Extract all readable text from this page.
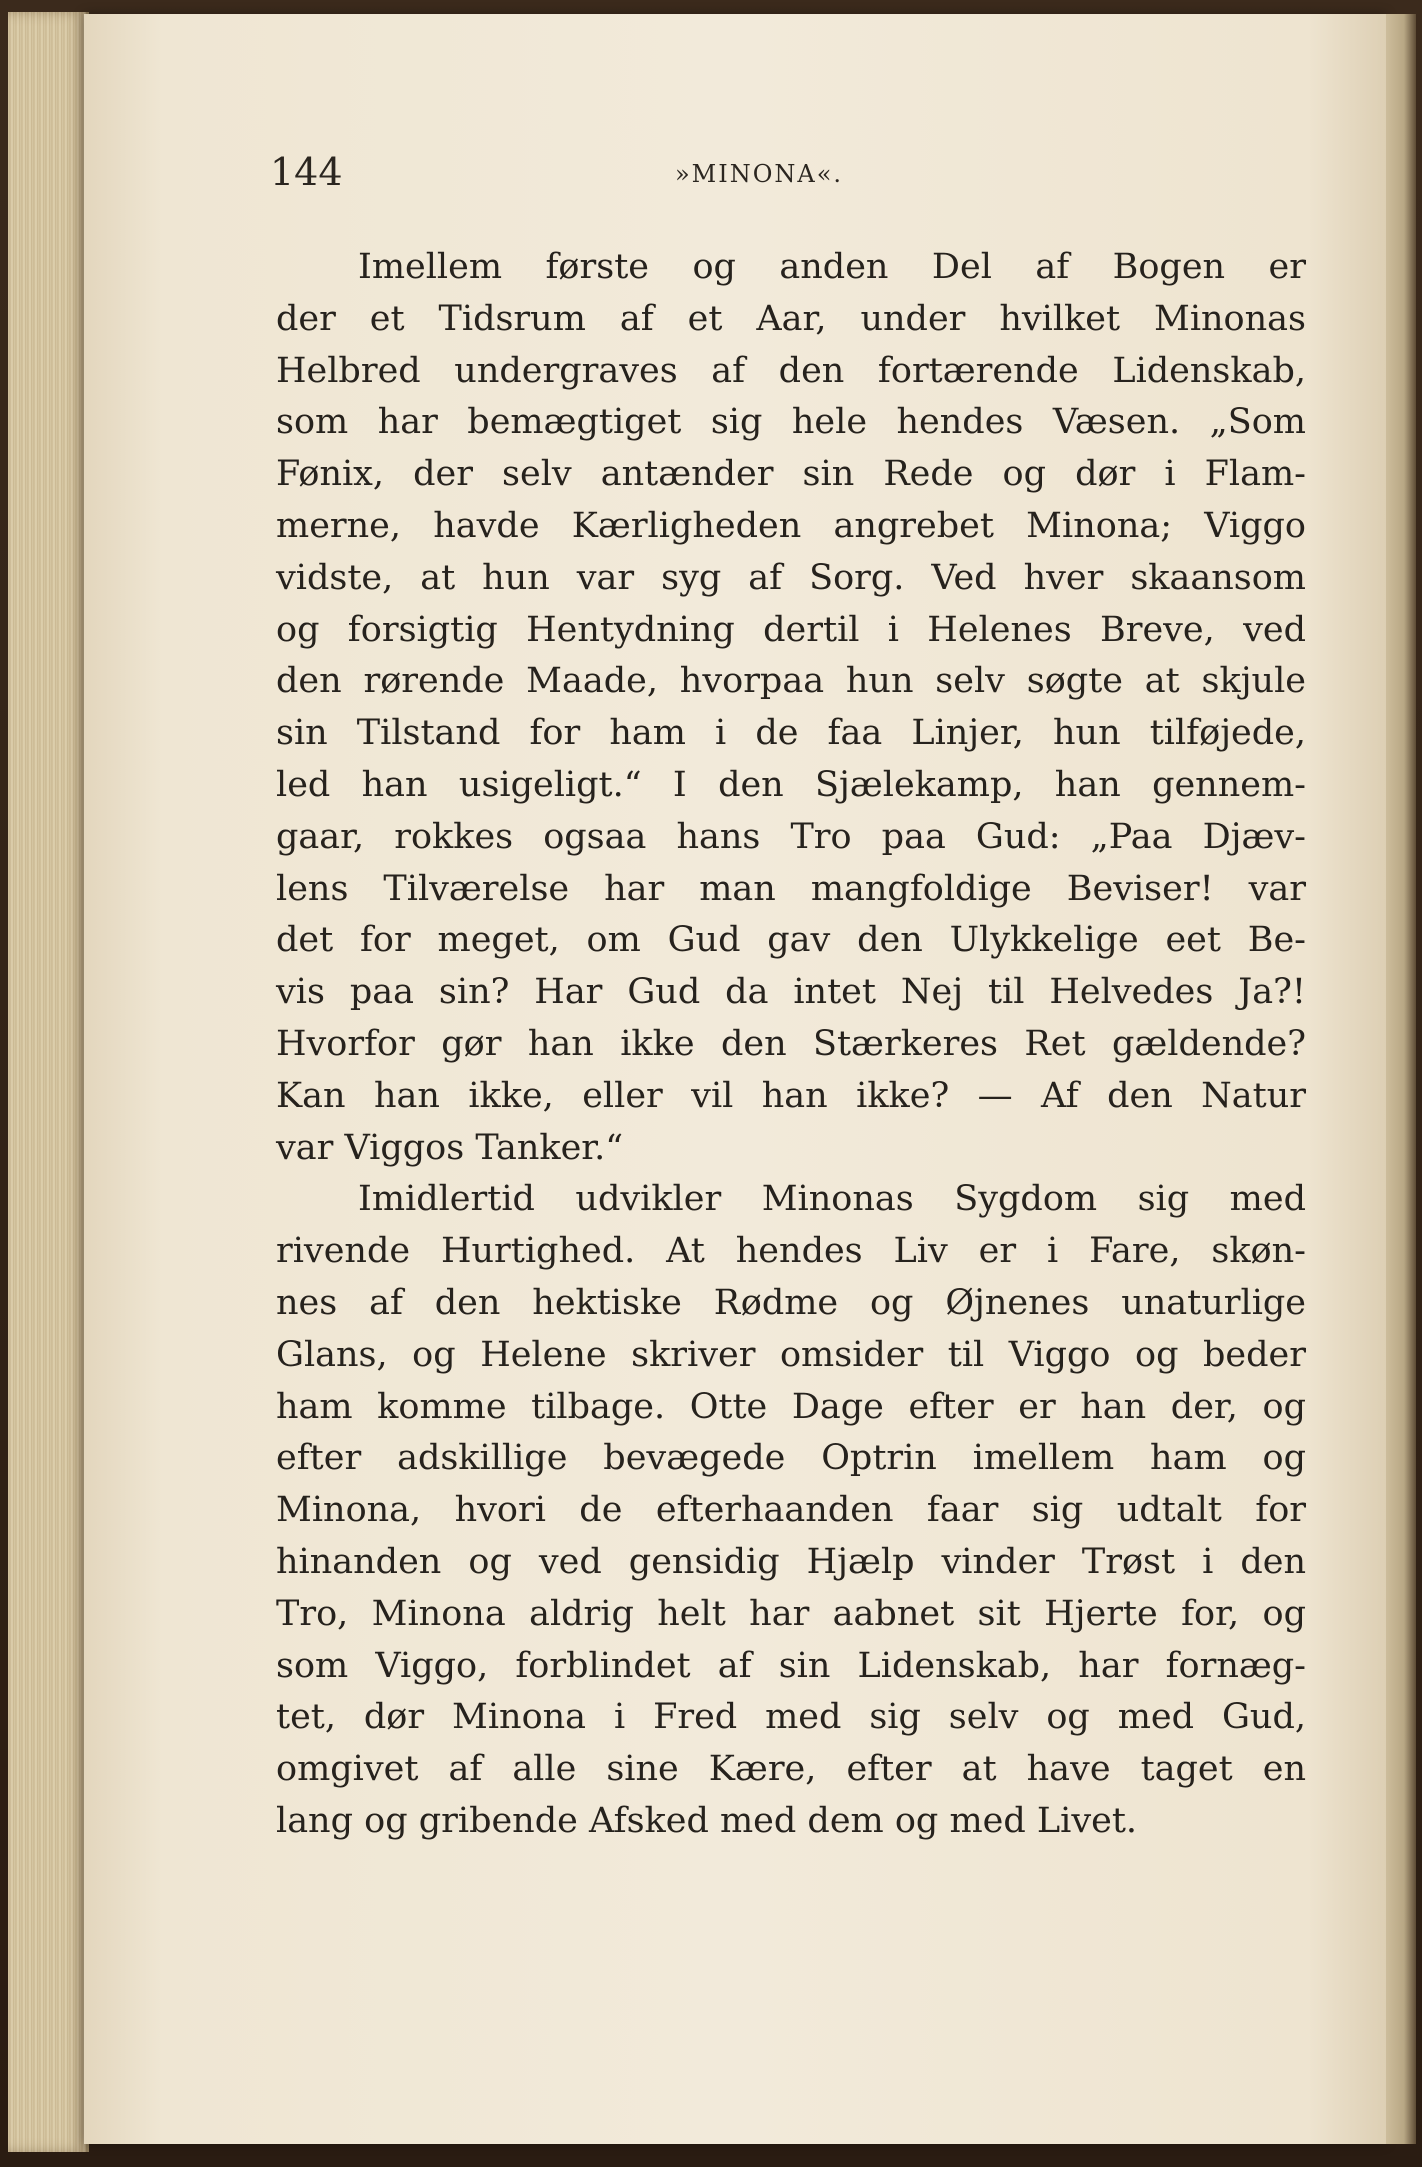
144	»MINONA«.
Imellem første og anden Del af Bogen er
der et Tidsrum af et Aar, under hvilket Minonas
Helbred undergraves af den fortærende Lidenskab,
som har bemægtiget sig hele hendes Væsen. „Som
Fønix, der selv antænder sin Rede og dør i Flam-
merne, havde Kærligheden angrebet Minona; Viggo
vidste, at hun var syg af Sorg. Ved hver skaansom
og forsigtig Hentydning dertil i Helenes Breve, ved
den rørende Maade, hvorpaa hun selv søgte at skjule
sin Tilstand for ham i de faa Linjer, hun tilføjede,
led han usigeligt.“ I den Sjælekamp, han gennem-
gaar, rokkes ogsaa hans Tro paa Gud: „Paa Djæv-
lens Tilværelse har man mangfoldige Beviser! var
det for meget, om Gud gav den Ulykkelige eet Be-
vis paa sin? Har Gud da intet Nej til Helvedes Ja?!
Hvorfor gør han ikke den Stærkeres Ret gældende?
Kan han ikke, eller vil han ikke? — Af den Natur
var Viggos Tanker.“
Imidlertid udvikler Minonas Sygdom sig med
rivende Hurtighed. At hendes Liv er i Fare, skøn-
nes af den hektiske Rødme og Øjnenes unaturlige
Glans, og Helene skriver omsider til Viggo og beder
ham komme tilbage. Otte Dage efter er han der, og
efter adskillige bevægede Optrin imellem ham og
Minona, hvori de efterhaanden faar sig udtalt for
hinanden og ved gensidig Hjælp vinder Trøst i den
Tro, Minona aldrig helt har aabnet sit Hjerte for, og
som Viggo, forblindet af sin Lidenskab, har fornæg-
tet, dør Minona i Fred med sig selv og med Gud,
omgivet af alle sine Kære, efter at have taget en
lang og gribende Afsked med dem og med Livet.
